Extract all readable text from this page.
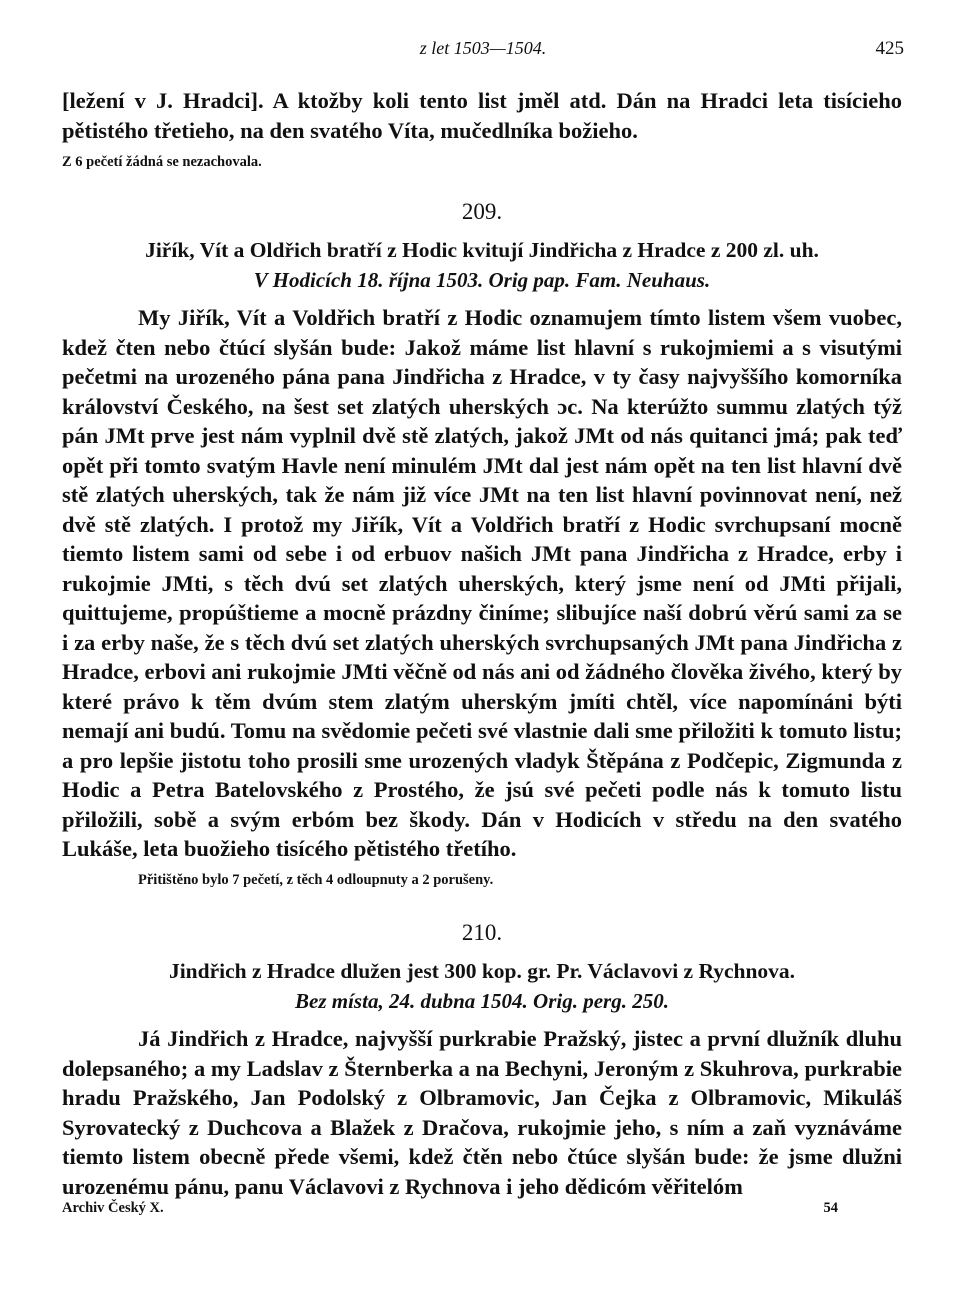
z let 1503—1504.	425

[ležení v J. Hradci]. A ktožby koli tento list jměl atd. Dán na Hradci leta tisícieho pětistého třetieho, na den svatého Víta, mučedlníka božieho.

Z 6 pečetí žádná se nezachovala.

209.

Jiřík, Vít a Oldřich bratří z Hodic kvitují Jindřicha z Hradce z 200 zl. uh.

V Hodicích 18. října 1503. Orig pap. Fam. Neuhaus.

My Jiřík, Vít a Voldřich bratří z Hodic oznamujem tímto listem všem vuobec, kdež čten nebo čtúcí slyšán bude: Jakož máme list hlavní s rukojmiemi a s visutými pečetmi na urozeného pána pana Jindřicha z Hradce, v ty časy najvyššího komorníka království Českého, na šest set zlatých uherských ɔc. Na kterúžto summu zlatých týž pán JMt prve jest nám vyplnil dvě stě zlatých, jakož JMt od nás quitanci jmá; pak teď opět při tomto svatým Havle není minulém JMt dal jest nám opět na ten list hlavní dvě stě zlatých uherských, tak že nám již více JMt na ten list hlavní povinnovat není, než dvě stě zlatých. I protož my Jiřík, Vít a Voldřich bratří z Hodic svrchupsaní mocně tiemto listem sami od sebe i od erbuov našich JMt pana Jindřicha z Hradce, erby i rukojmie JMti, s těch dvú set zlatých uherských, který jsme není od JMti přijali, quittujeme, propúštieme a mocně prázdny činíme; slibujíce naší dobrú věrú sami za se i za erby naše, že s těch dvú set zlatých uherských svrchupsaných JMt pana Jindřicha z Hradce, erbovi ani rukojmie JMti věčně od nás ani od žádného člověka živého, který by které právo k těm dvúm stem zlatým uherským jmíti chtěl, více napomínáni býti nemají ani budú. Tomu na svědomie pečeti své vlastnie dali sme přiložiti k tomuto listu; a pro lepšie jistotu toho prosili sme urozených vladyk Štěpána z Podčepic, Zigmunda z Hodic a Petra Batelovského z Prostého, že jsú své pečeti podle nás k tomuto listu přiložili, sobě a svým erbóm bez škody. Dán v Hodicích v středu na den svatého Lukáše, leta buožieho tisícého pětistého třetího.

Přitištěno bylo 7 pečetí, z těch 4 odloupnuty a 2 porušeny.

210.

Jindřich z Hradce dlužen jest 300 kop. gr. Pr. Václavovi z Rychnova.

Bez místa, 24. dubna 1504. Orig. perg. 250.

Já Jindřich z Hradce, najvyšší purkrabie Pražský, jistec a první dlužník dluhu dolepsaného; a my Ladslav z Šternberka a na Bechyni, Jeroným z Skuhrova, purkrabie hradu Pražského, Jan Podolský z Olbramovic, Jan Čejka z Olbramovic, Mikuláš Syrovatecký z Duchcova a Blažek z Dračova, rukojmie jeho, s ním a zaň vyznáváme tiemto listem obecně přede všemi, kdež čtěn nebo čtúce slyšán bude: že jsme dlužni urozenému pánu, panu Václavovi z Rychnova i jeho dědicóm věřitelóm

Archiv Český X.	54
